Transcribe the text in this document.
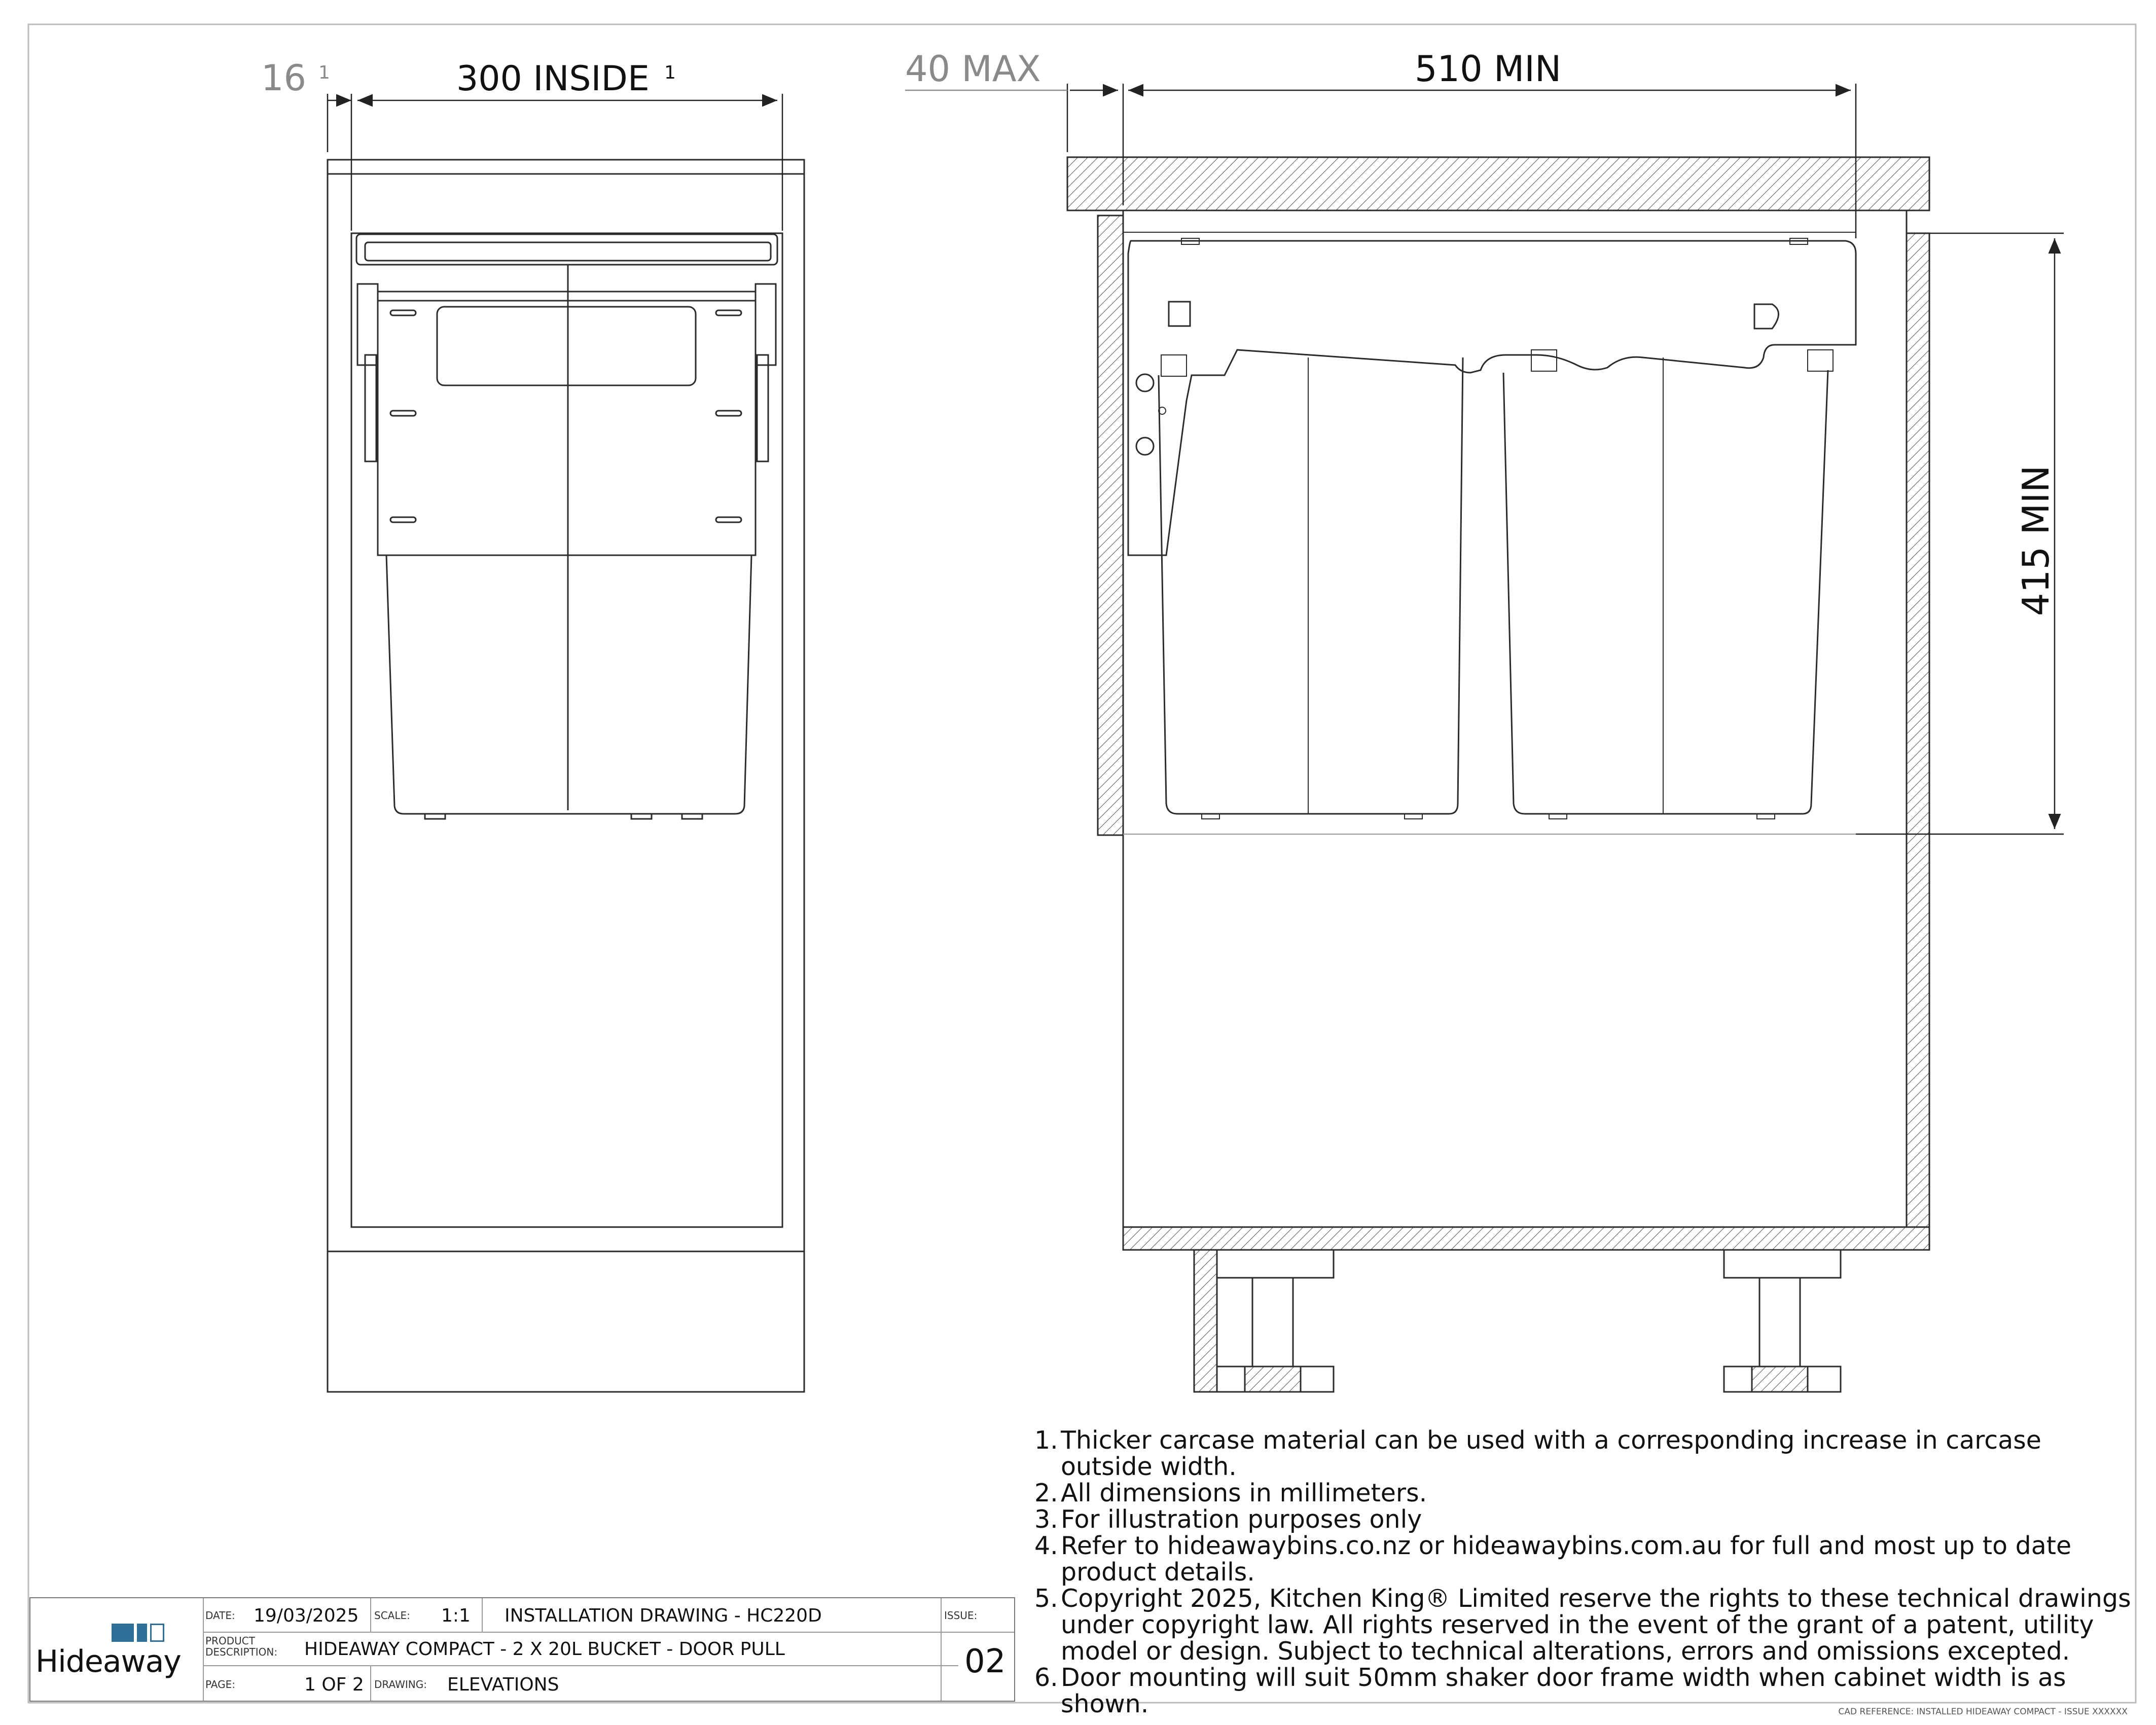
16 1	300 INSIDE 1	40 MAX	510 MIN
415 MIN
1. Thicker carcase material can be used with a corresponding increase in carcase outside width.
2. All dimensions in millimeters.
3. For illustration purposes only
4. Refer to hideawaybins.co.nz or hideawaybins.com.au for full and most up to date product details.
5. Copyright 2025, Kitchen King® Limited reserve the rights to these technical drawings under copyright law. All rights reserved in the event of the grant of a patent, utility model or design. Subject to technical alterations, errors and omissions excepted.
6. Door mounting will suit 50mm shaker door frame width when cabinet width is as shown.
DATE: 19/03/2025 SCALE: 1:1 INSTALLATION DRAWING - HC220D	ISSUE:
02
PRODUCT
DESCRIPTION: HIDEAWAY COMPACT - 2 X 20L BUCKET - DOOR PULL
PAGE:	1 OF 2 DRAWING: ELEVATIONS
Hideaway
CAD REFERENCE: INSTALLED HIDEAWAY COMPACT - ISSUE XXXXXX
